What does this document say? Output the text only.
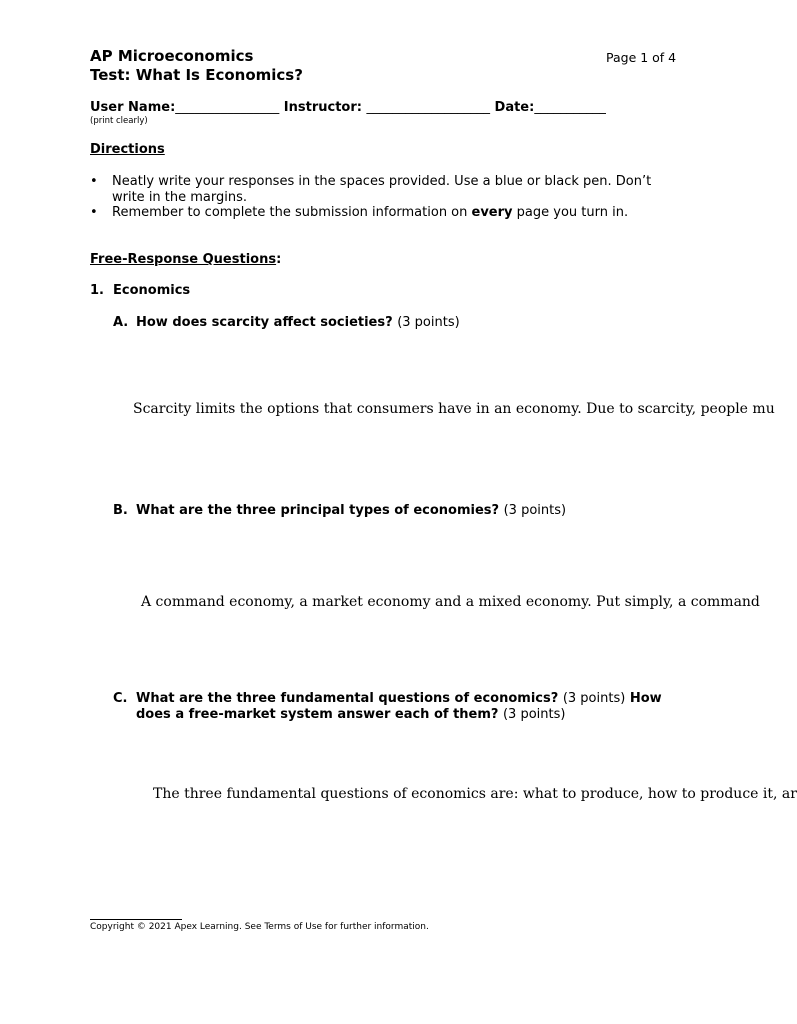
AP Microeconomics
Test: What Is Economics?
Page 1 of 4
User Name:________________ Instructor: ___________________ Date:___________
(print clearly)
Directions
• Neatly write your responses in the spaces provided. Use a blue or black pen. Don’t write in the margins.
• Remember to complete the submission information on every page you turn in.
Free-Response Questions:
1. Economics
A. How does scarcity affect societies? (3 points)
Scarcity limits the options that consumers have in an economy. Due to scarcity, people mu
B. What are the three principal types of economies? (3 points)
A command economy, a market economy and a mixed economy. Put simply, a command
C. What are the three fundamental questions of economics? (3 points) How
does a free-market system answer each of them? (3 points)
The three fundamental questions of economics are: what to produce, how to produce it, ar
Copyright © 2021 Apex Learning. See Terms of Use for further information.
